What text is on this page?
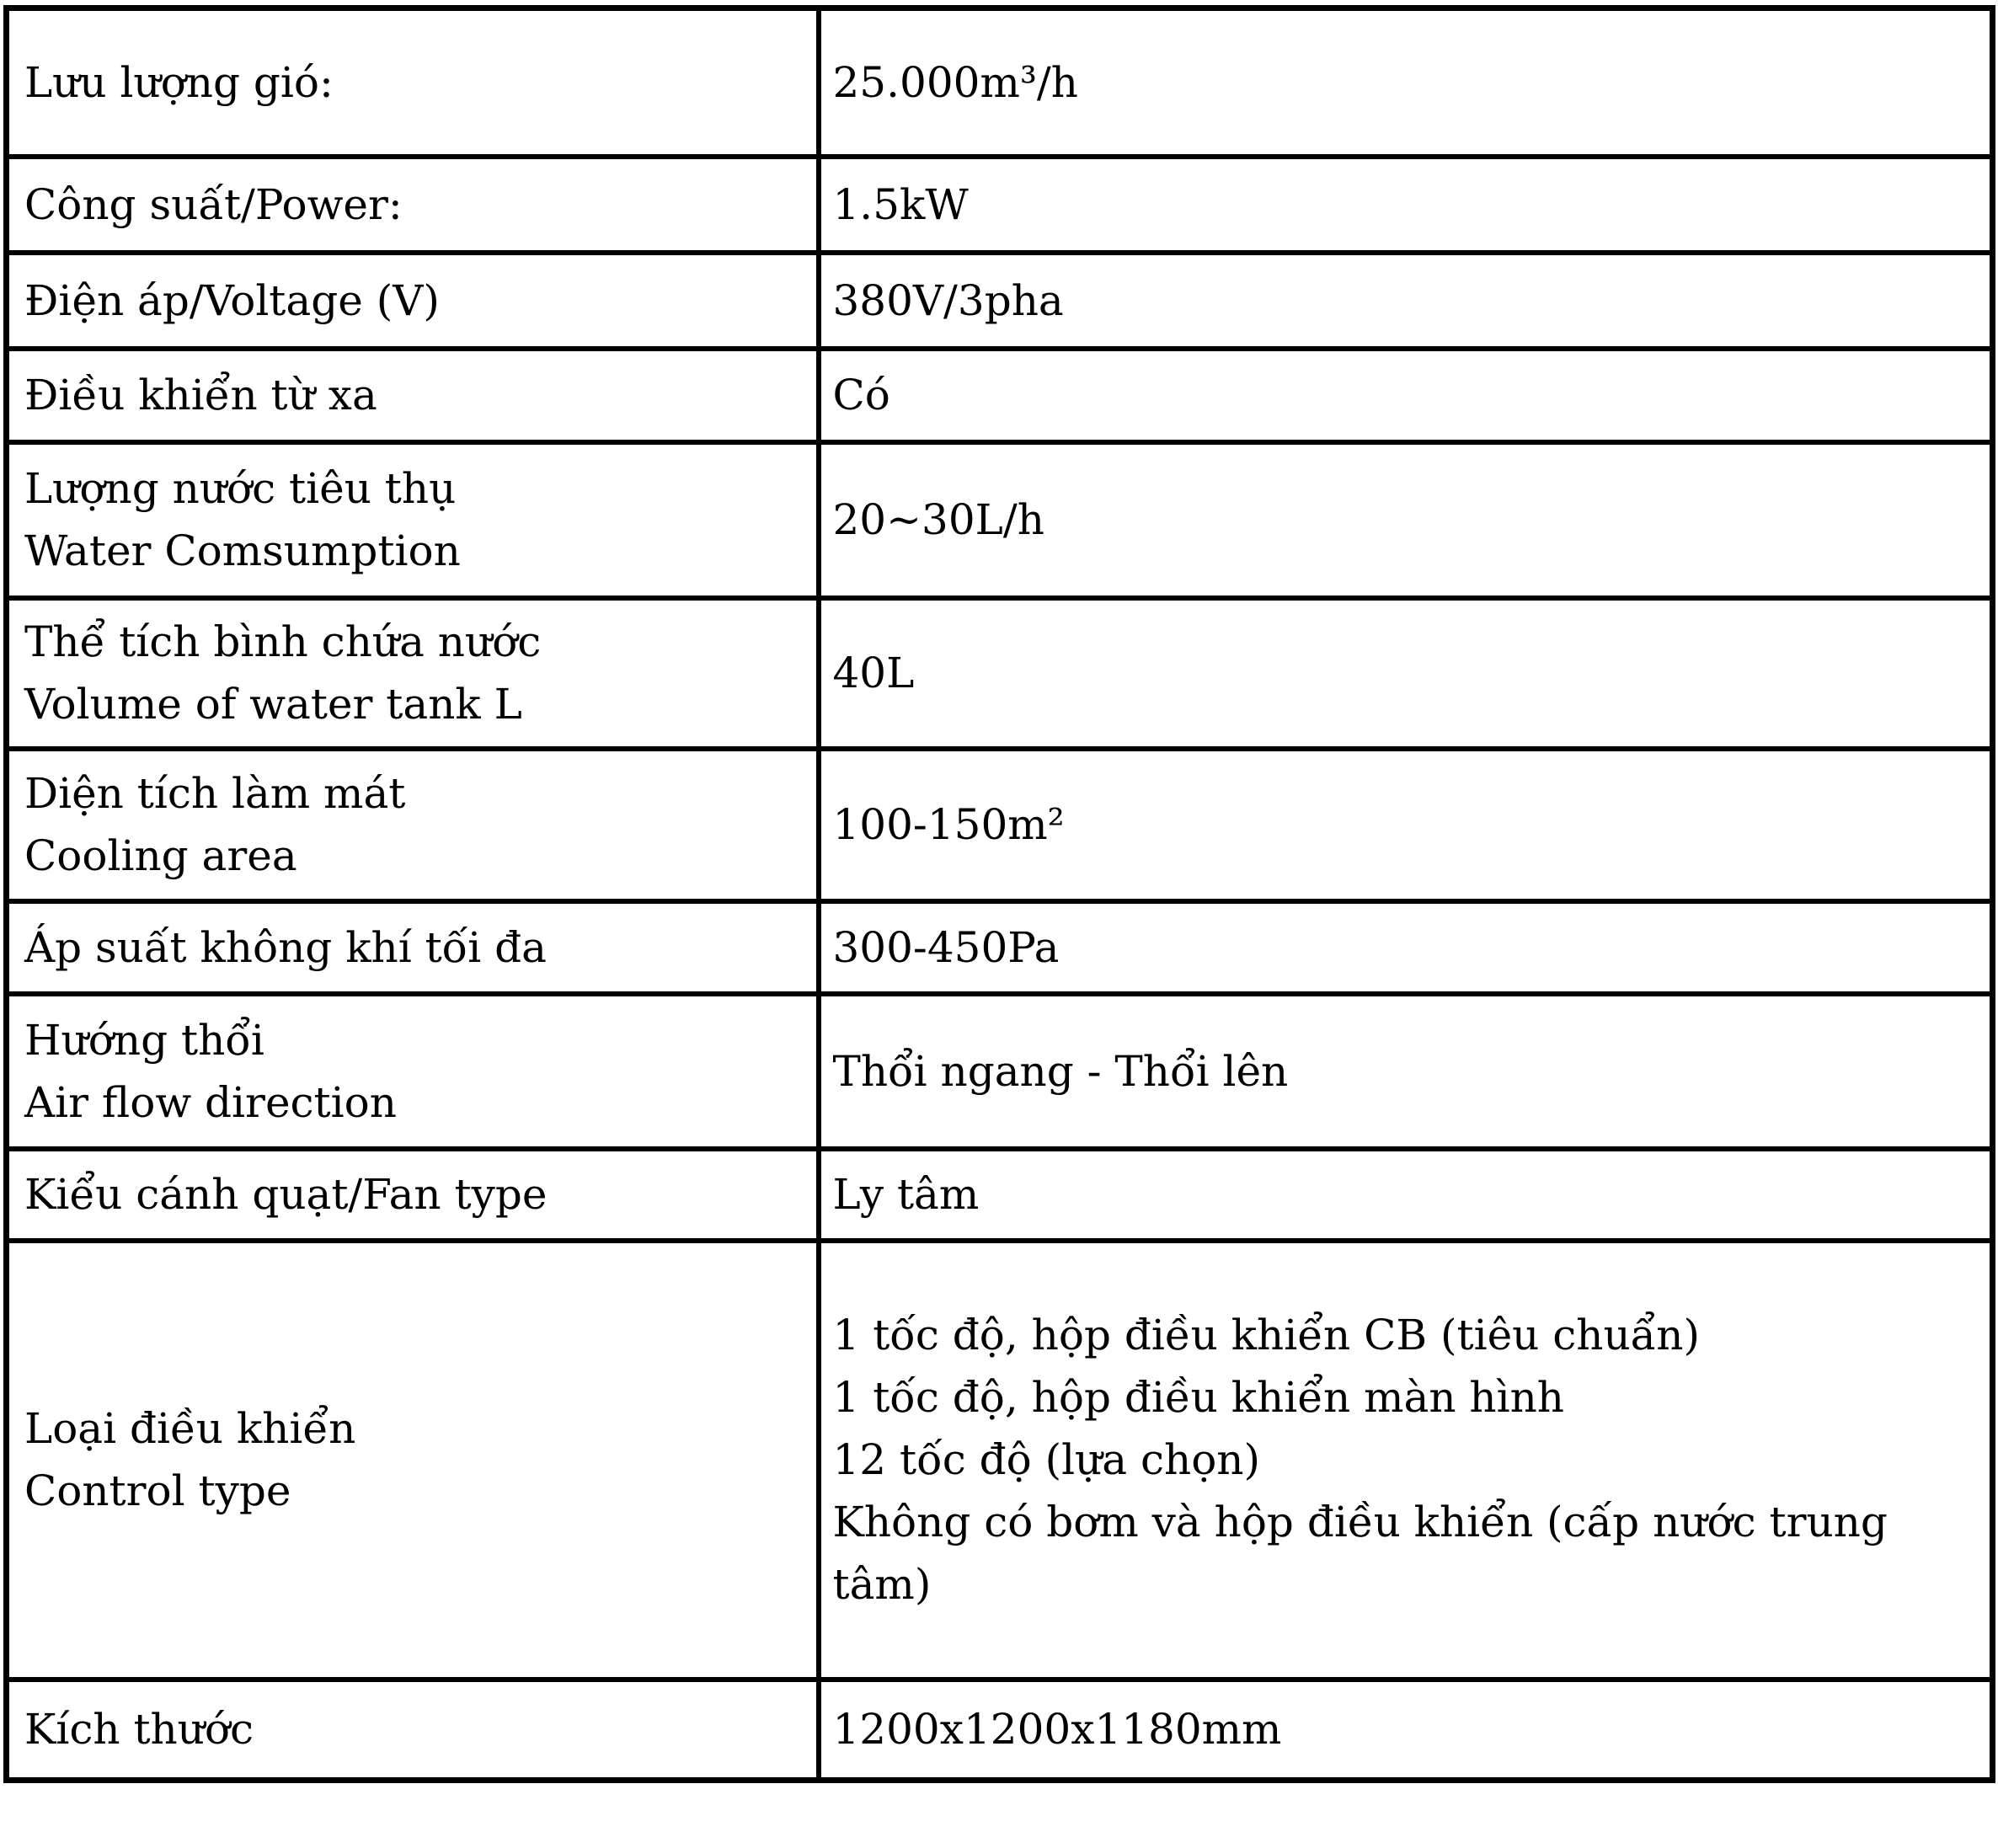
Lưu lượng gió:	25.000m³/h

Công suất/Power:	1.5kW

Điện áp/Voltage (V)	380V/3pha

Điều khiển từ xa	Có

Lượng nước tiêu thụ
Water Comsumption	20~30L/h

Thể tích bình chứa nước
Volume of water tank L	40L

Diện tích làm mát
Cooling area	100-150m²

Áp suất không khí tối đa	300-450Pa

Hướng thổi
Air flow direction	Thổi ngang - Thổi lên

Kiểu cánh quạt/Fan type	Ly tâm

Loại điều khiển
Control type	1 tốc độ, hộp điều khiển CB (tiêu chuẩn)
1 tốc độ, hộp điều khiển màn hình
12 tốc độ (lựa chọn)
Không có bơm và hộp điều khiển (cấp nước trung tâm)

Kích thước	1200x1200x1180mm
